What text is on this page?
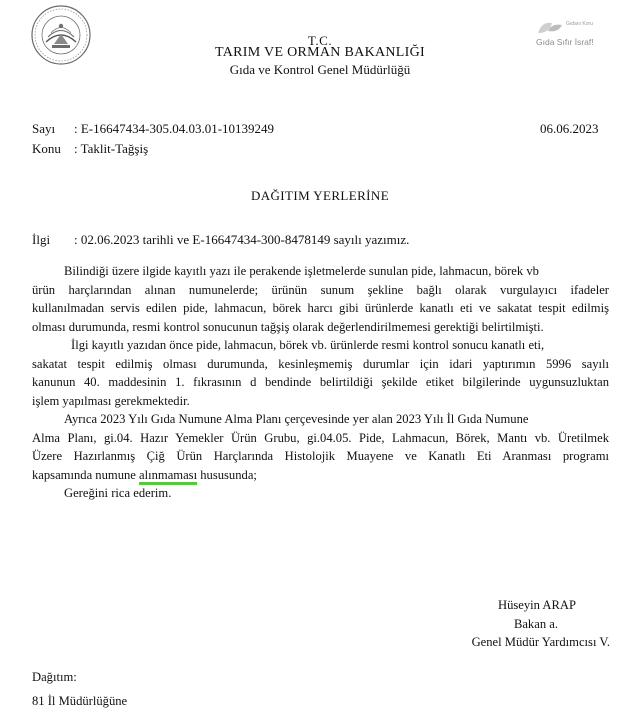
T.C.
TARIM VE ORMAN BAKANLIĞI
Gıda ve Kontrol Genel Müdürlüğü
Gıdanı Koru
Gıda Sıfır İsraf!
Sayı : E-16647434-305.04.03.01-10139249	06.06.2023
Konu : Taklit-Tağşiş
DAĞITIM YERLERİNE
İlgi : 02.06.2023 tarihli ve E-16647434-300-8478149 sayılı yazımız.
Bilindiği üzere ilgide kayıtlı yazı ile perakende işletmelerde sunulan pide, lahmacun, börek vb
ürün harçlarından alınan numunelerde; ürünün sunum şekline bağlı olarak vurgulayıcı ifadeler
kullanılmadan servis edilen pide, lahmacun, börek harcı gibi ürünlerde kanatlı eti ve sakatat tespit edilmiş
olması durumunda, resmi kontrol sonucunun tağşiş olarak değerlendirilmemesi gerektiği belirtilmişti.
İlgi kayıtlı yazıdan önce pide, lahmacun, börek vb. ürünlerde resmi kontrol sonucu kanatlı eti,
sakatat tespit edilmiş olması durumunda, kesinleşmemiş durumlar için idari yaptırımın 5996 sayılı
kanunun 40. maddesinin 1. fıkrasının d bendinde belirtildiği şekilde etiket bilgilerinde uygunsuzluktan
işlem yapılması gerekmektedir.
Ayrıca 2023 Yılı Gıda Numune Alma Planı çerçevesinde yer alan 2023 Yılı İl Gıda Numune
Alma Planı, gi.04. Hazır Yemekler Ürün Grubu, gi.04.05. Pide, Lahmacun, Börek, Mantı vb. Üretilmek
Üzere Hazırlanmış Çiğ Ürün Harçlarında Histolojik Muayene ve Kanatlı Eti Aranması programı
kapsamında numune alınmaması hususunda;
Gereğini rica ederim.
Hüseyin ARAP
Bakan a.
Genel Müdür Yardımcısı V.
Dağıtım:
81 İl Müdürlüğüne
